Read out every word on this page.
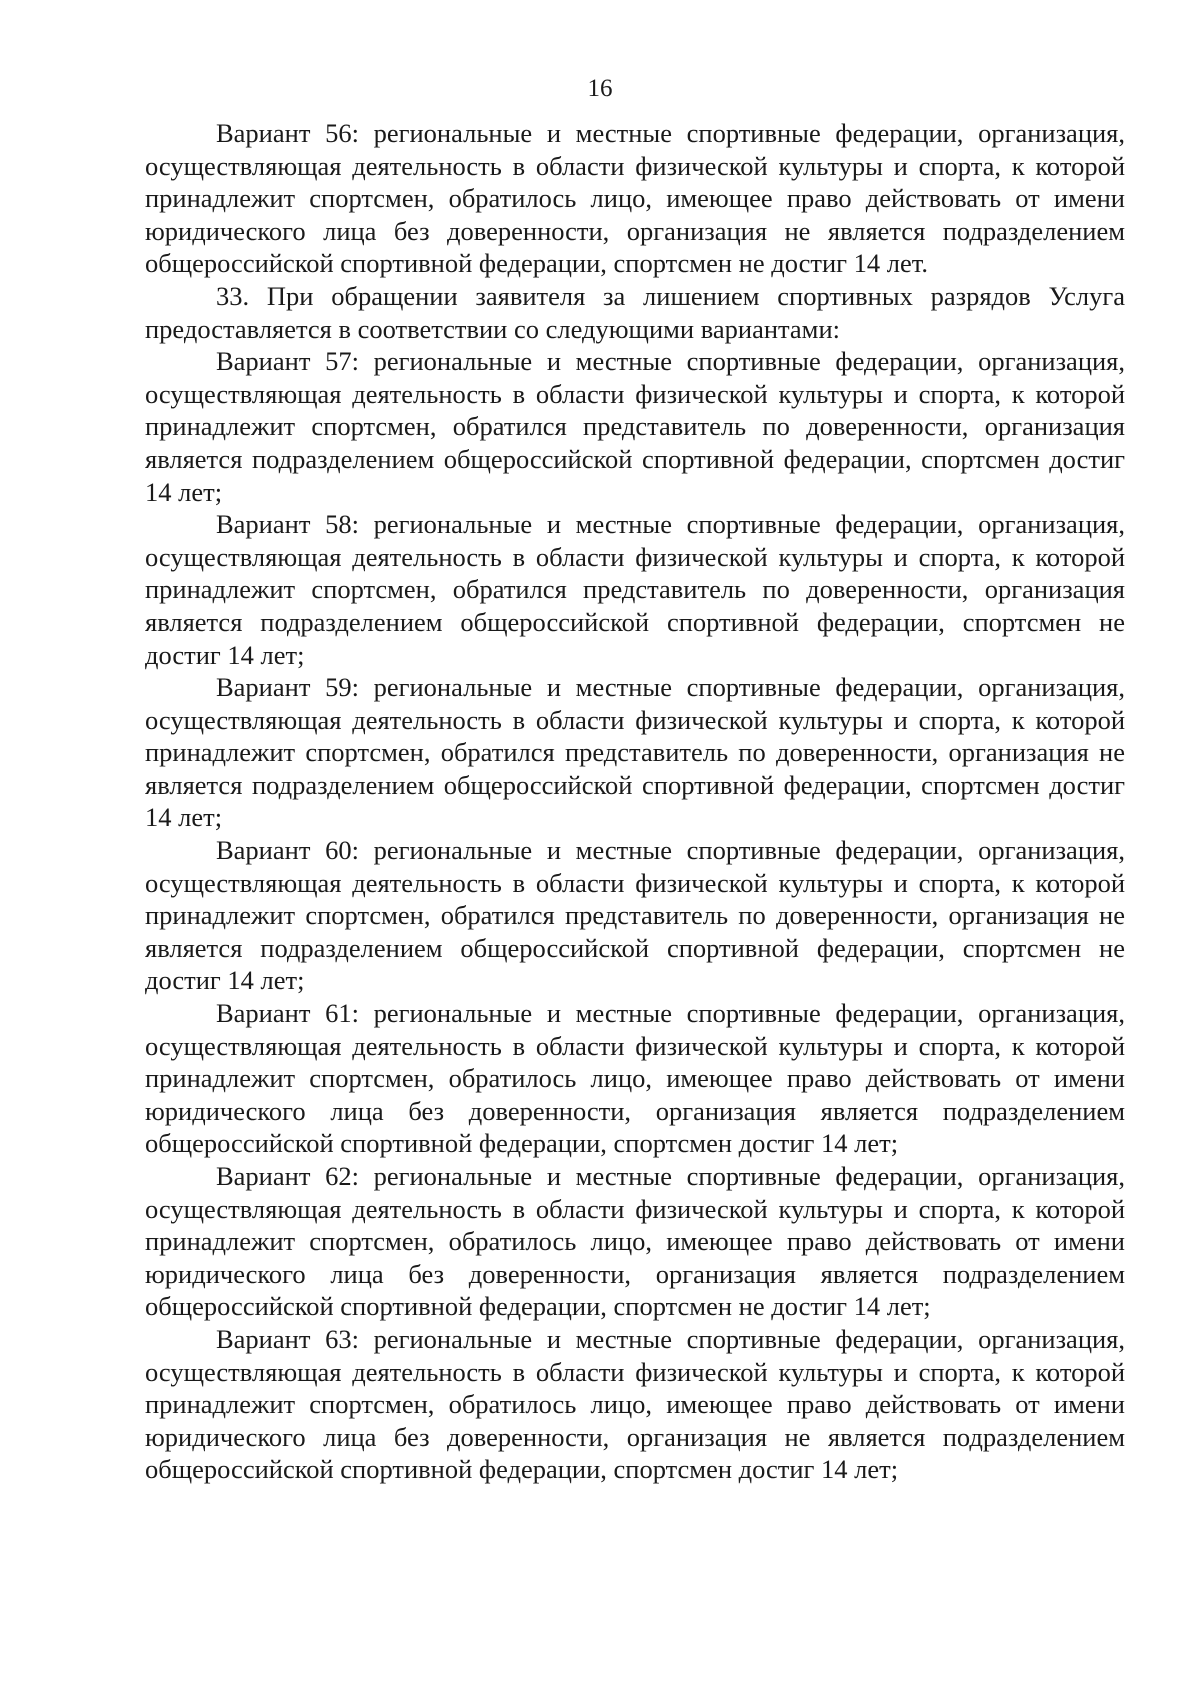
16

Вариант 56: региональные и местные спортивные федерации, организация, осуществляющая деятельность в области физической культуры и спорта, к которой принадлежит спортсмен, обратилось лицо, имеющее право действовать от имени юридического лица без доверенности, организация не является подразделением общероссийской спортивной федерации, спортсмен не достиг 14 лет.

33. При обращении заявителя за лишением спортивных разрядов Услуга предоставляется в соответствии со следующими вариантами:

Вариант 57: региональные и местные спортивные федерации, организация, осуществляющая деятельность в области физической культуры и спорта, к которой принадлежит спортсмен, обратился представитель по доверенности, организация является подразделением общероссийской спортивной федерации, спортсмен достиг 14 лет;

Вариант 58: региональные и местные спортивные федерации, организация, осуществляющая деятельность в области физической культуры и спорта, к которой принадлежит спортсмен, обратился представитель по доверенности, организация является подразделением общероссийской спортивной федерации, спортсмен не достиг 14 лет;

Вариант 59: региональные и местные спортивные федерации, организация, осуществляющая деятельность в области физической культуры и спорта, к которой принадлежит спортсмен, обратился представитель по доверенности, организация не является подразделением общероссийской спортивной федерации, спортсмен достиг 14 лет;

Вариант 60: региональные и местные спортивные федерации, организация, осуществляющая деятельность в области физической культуры и спорта, к которой принадлежит спортсмен, обратился представитель по доверенности, организация не является подразделением общероссийской спортивной федерации, спортсмен не достиг 14 лет;

Вариант 61: региональные и местные спортивные федерации, организация, осуществляющая деятельность в области физической культуры и спорта, к которой принадлежит спортсмен, обратилось лицо, имеющее право действовать от имени юридического лица без доверенности, организация является подразделением общероссийской спортивной федерации, спортсмен достиг 14 лет;

Вариант 62: региональные и местные спортивные федерации, организация, осуществляющая деятельность в области физической культуры и спорта, к которой принадлежит спортсмен, обратилось лицо, имеющее право действовать от имени юридического лица без доверенности, организация является подразделением общероссийской спортивной федерации, спортсмен не достиг 14 лет;

Вариант 63: региональные и местные спортивные федерации, организация, осуществляющая деятельность в области физической культуры и спорта, к которой принадлежит спортсмен, обратилось лицо, имеющее право действовать от имени юридического лица без доверенности, организация не является подразделением общероссийской спортивной федерации, спортсмен достиг 14 лет;
